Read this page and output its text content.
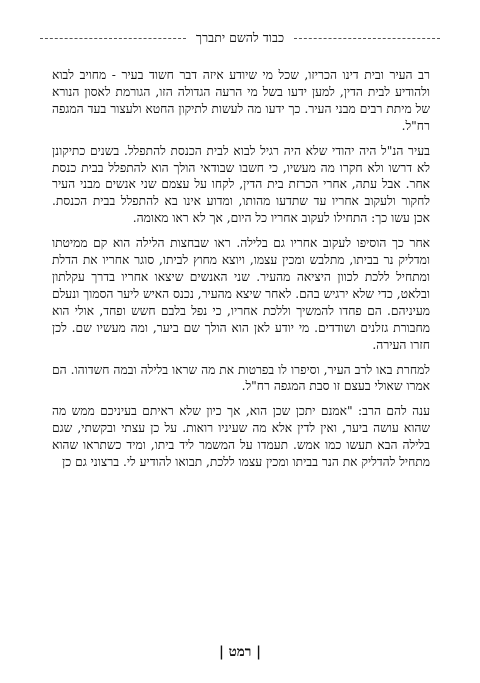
כבוד להשם יתברך

רב העיר ובית דינו הכריזו, שכל מי שיודע איזה דבר חשוד בעיר - מחויב לבוא ולהודיע לבית הדין, למען ידעו בשל מי הרעה הגדולה הזו, הגורמת לאסון הנורא של מיתת רבים מבני העיר. כך ידעו מה לעשות לתיקון החטא ולעצור בעד המגפה רח"ל.

בעיר הנ"ל היה יהודי שלא היה רגיל לבוא לבית הכנסת להתפלל. בשנים כתיקונן לא דרשו ולא חקרו מה מעשיו, כי חשבו שבודאי הולך הוא להתפלל בבית כנסת אחר. אבל עתה, אחרי הכרזת בית הדין, לקחו על עצמם שני אנשים מבני העיר לחקור ולעקוב אחריו עד שתדעו מהותו, ומדוע אינו בא להתפלל בבית הכנסת. אכן עשו כך: התחילו לעקוב אחריו כל היום, אך לא ראו מאומה.

אחר כך הוסיפו לעקוב אחריו גם בלילה. ראו שבחצות הלילה הוא קם ממיטתו ומדליק נר בביתו, מתלבש ומכין עצמו, ויוצא מחוץ לביתו, סוגר אחריו את הדלת ומתחיל ללכת לכוון היציאה מהעיר. שני האנשים שיצאו אחריו בדרך עקלתון ובלאט, כדי שלא ירגיש בהם. לאחר שיצא מהעיר, נכנס האיש ליער הסמוך ונעלם מעיניהם. הם פחדו להמשיך וללכת אחריו, כי נפל בלבם חשש ופחד, אולי הוא מחבורת גזלנים ושודדים. מי יודע לאן הוא הולך שם ביער, ומה מעשיו שם. לכן חזרו העירה.

למחרת באו לרב העיר, וסיפרו לו בפרטות את מה שראו בלילה ובמה חשדוהו. הם אמרו שאולי בעצם זו סבת המגפה רח"ל.

ענה להם הרב: "אמנם יתכן שכן הוא, אך כיון שלא ראיתם בעיניכם ממש מה שהוא עושה ביער, ואין לדין אלא מה שעיניו רואות. על כן עצתי ובקשתי, שגם בלילה הבא תעשו כמו אמש. תעמדו על המשמר ליד ביתו, ומיד כשתראו שהוא מתחיל להדליק את הנר בביתו ומכין עצמו ללכת, תבואו להודיע לי. ברצוני גם כן

| רמט |
